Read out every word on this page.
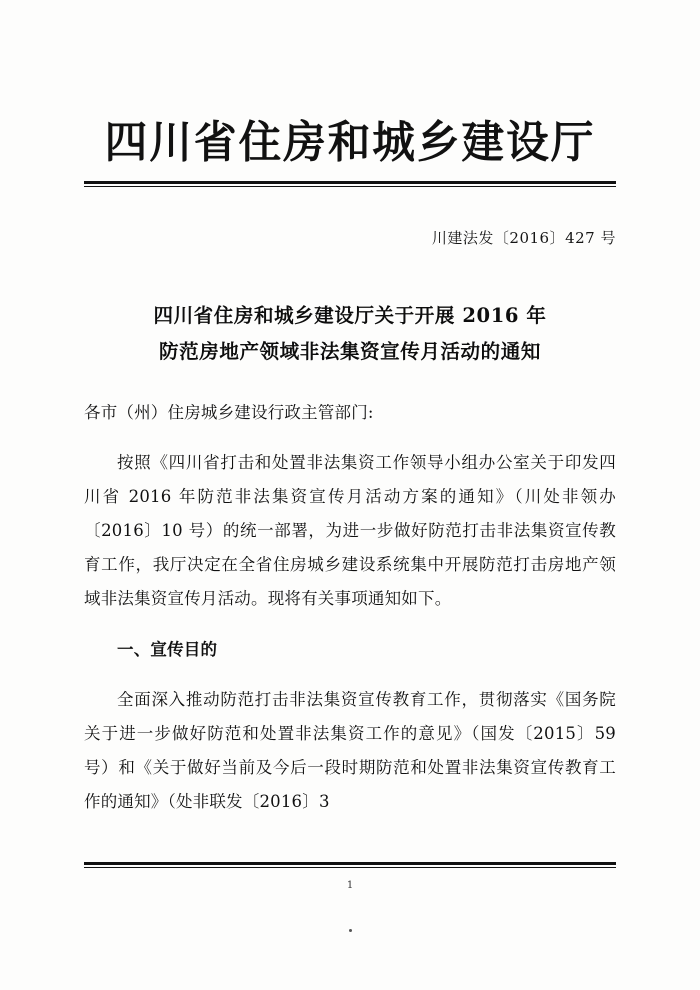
四川省住房和城乡建设厅
川建法发〔2016〕427 号
四川省住房和城乡建设厅关于开展 2016 年
防范房地产领域非法集资宣传月活动的通知

各市（州）住房城乡建设行政主管部门:

按照《四川省打击和处置非法集资工作领导小组办公室关于印发四川省 2016 年防范非法集资宣传月活动方案的通知》（川处非领办〔2016〕10 号）的统一部署，为进一步做好防范打击非法集资宣传教育工作，我厅决定在全省住房城乡建设系统集中开展防范打击房地产领域非法集资宣传月活动。现将有关事项通知如下。

一、宣传目的

全面深入推动防范打击非法集资宣传教育工作，贯彻落实《国务院关于进一步做好防范和处置非法集资工作的意见》（国发〔2015〕59 号）和《关于做好当前及今后一段时期防范和处置非法集资宣传教育工作的通知》（处非联发〔2016〕3

1
